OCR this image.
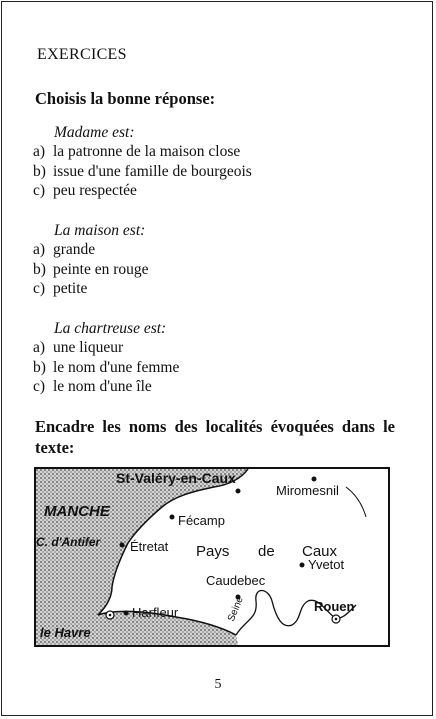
EXERCICES
Choisis la bonne réponse:
Madame est:
a) la patronne de la maison close
b) issue d'une famille de bourgeois
c) peu respectée
La maison est:
a) grande
b) peinte en rouge
c) petite
La chartreuse est:
a) une liqueur
b) le nom d'une femme
c) le nom d'une île
Encadre les noms des localités évoquées dans le texte:
St-Valéry-en-Caux
Miromesnil
MANCHE
Fécamp
C. d'Antifer Étretat Pays de Caux
Yvetot
Caudebec
Harfleur	Rouen
le Havre
Seine
5
